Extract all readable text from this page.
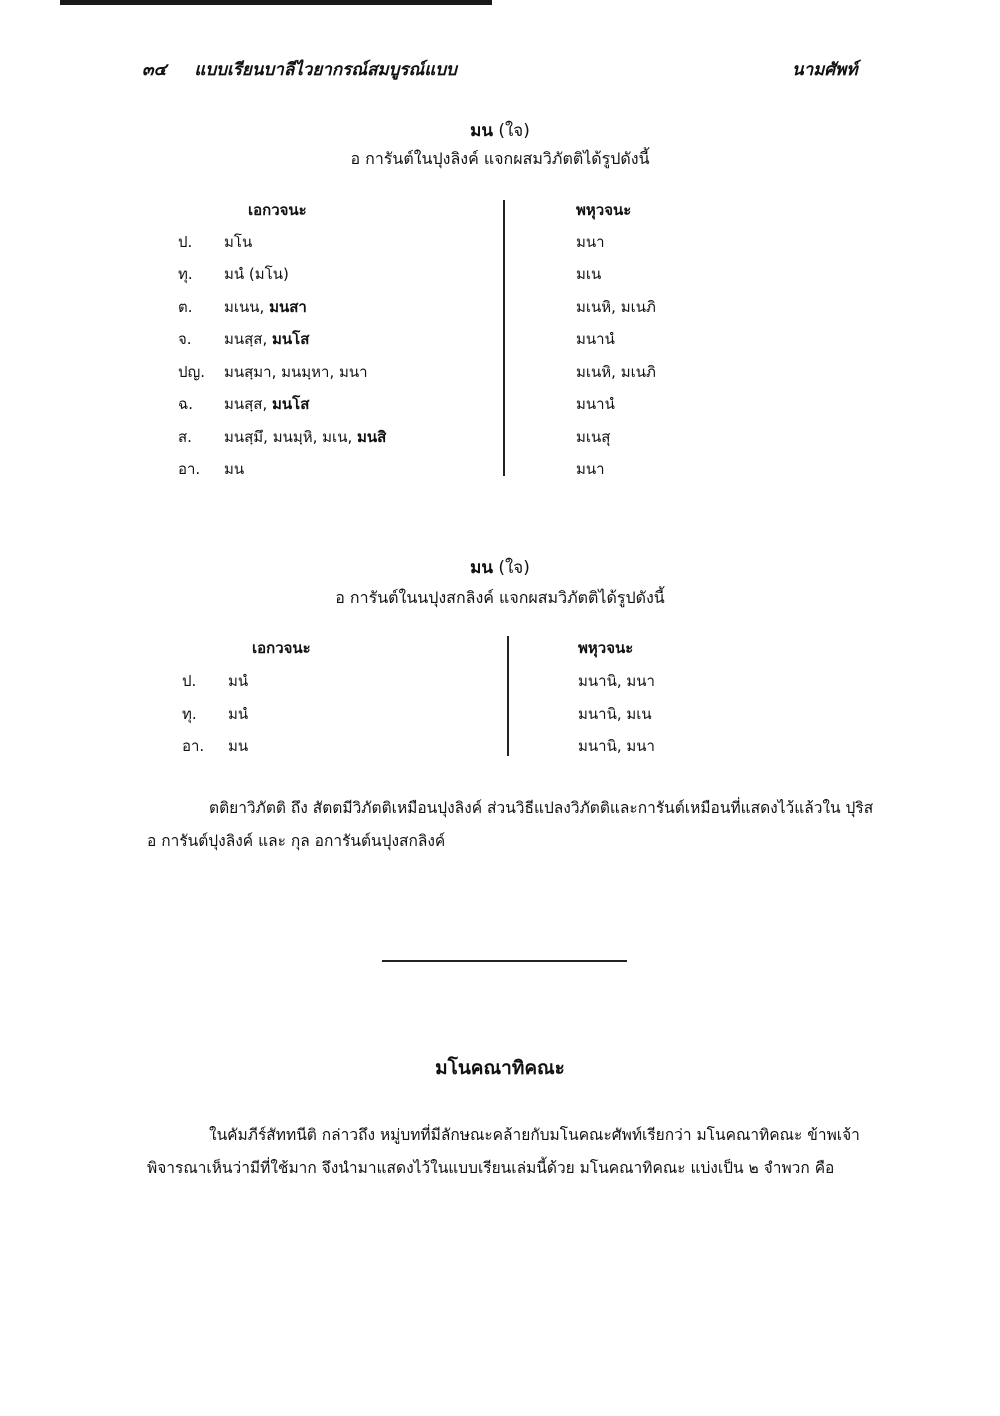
๓๔ แบบเรียนบาลีไวยากรณ์สมบูรณ์แบบ	นามศัพท์
มน (ใจ)
อ การันต์ในปุงลิงค์ แจกผสมวิภัตติได้รูปดังนี้
เอกวจนะ	พหุวจนะ
ป. มโน	มนา
ทุ. มนํ (มโน)	มเน
ต. มเนน, มนสา	มเนหิ, มเนภิ
จ. มนสฺส, มนโส	มนานํ
ปญ. มนสฺมา, มนมฺหา, มนา	มเนหิ, มเนภิ
ฉ. มนสฺส, มนโส	มนานํ
ส. มนสฺมึ, มนมฺหิ, มเน, มนสิ	มเนสุ
อา. มน	มนา
มน (ใจ)
อ การันต์ในนปุงสกลิงค์ แจกผสมวิภัตติได้รูปดังนี้
เอกวจนะ	พหุวจนะ
ป. มนํ	มนานิ, มนา
ทุ. มนํ	มนานิ, มเน
อา. มน	มนานิ, มนา
ตติยาวิภัตติ ถึง สัตตมีวิภัตติเหมือนปุงลิงค์ ส่วนวิธีแปลงวิภัตติและการันต์เหมือนที่แสดงไว้แล้วใน ปุริส
อ การันต์ปุงลิงค์ และ กุล อการันต์นปุงสกลิงค์
มโนคณาทิคณะ
ในคัมภีร์สัททนีติ กล่าวถึง หมู่บทที่มีลักษณะคล้ายกับมโนคณะศัพท์เรียกว่า มโนคณาทิคณะ ข้าพเจ้า
พิจารณาเห็นว่ามีที่ใช้มาก จึงนำมาแสดงไว้ในแบบเรียนเล่มนี้ด้วย มโนคณาทิคณะ แบ่งเป็น ๒ จำพวก คือ
